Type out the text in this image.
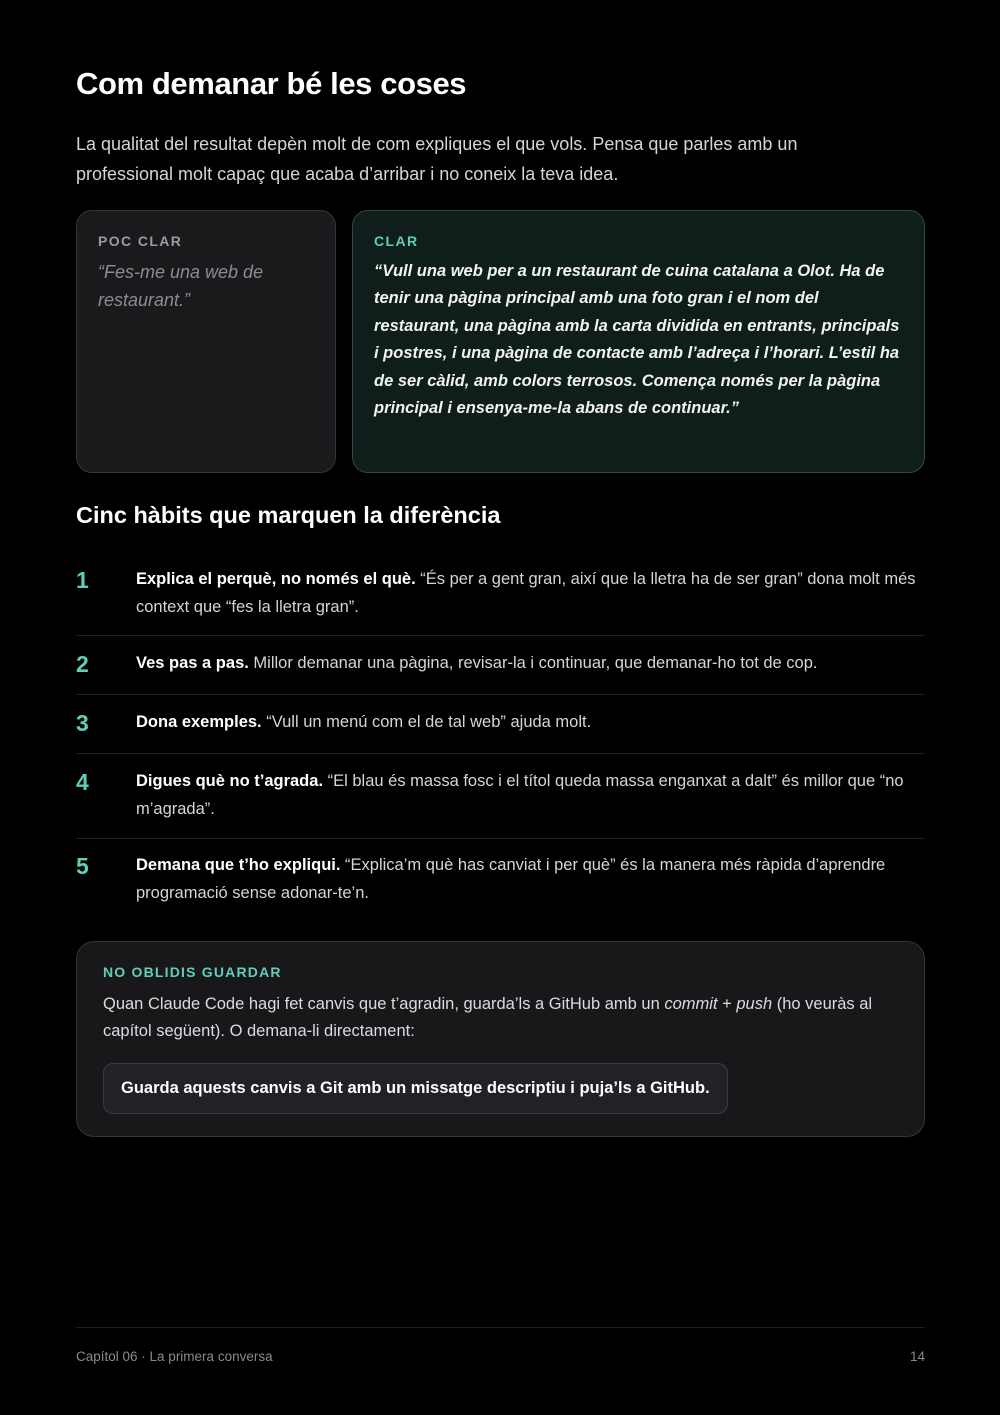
Com demanar bé les coses

La qualitat del resultat depèn molt de com expliques el que vols. Pensa que parles amb un professional molt capaç que acaba d’arribar i no coneix la teva idea.

POC CLAR

“Fes-me una web de restaurant.”

CLAR

“Vull una web per a un restaurant de cuina catalana a Olot. Ha de tenir una pàgina principal amb una foto gran i el nom del restaurant, una pàgina amb la carta dividida en entrants, principals i postres, i una pàgina de contacte amb l’adreça i l’horari. L’estil ha de ser càlid, amb colors terrosos. Comença només per la pàgina principal i ensenya-me-la abans de continuar.”

Cinc hàbits que marquen la diferència
1	Explica el perquè, no només el què. “És per a gent gran, així que la lletra ha de ser gran” dona molt més context que “fes la lletra gran”.
2	Ves pas a pas. Millor demanar una pàgina, revisar-la i continuar, que demanar-ho tot de cop.
3	Dona exemples. “Vull un menú com el de tal web” ajuda molt.
4	Digues què no t’agrada. “El blau és massa fosc i el títol queda massa enganxat a dalt” és millor que “no m’agrada”.
5	Demana que t’ho expliqui. “Explica’m què has canviat i per què” és la manera més ràpida d’aprendre programació sense adonar-te’n.
NO OBLIDIS GUARDAR

Quan Claude Code hagi fet canvis que t’agradin, guarda’ls a GitHub amb un commit + push (ho veuràs al capítol següent). O demana-li directament:

Guarda aquests canvis a Git amb un missatge descriptiu i puja’ls a GitHub.
Capítol 06 · La primera conversa	14
